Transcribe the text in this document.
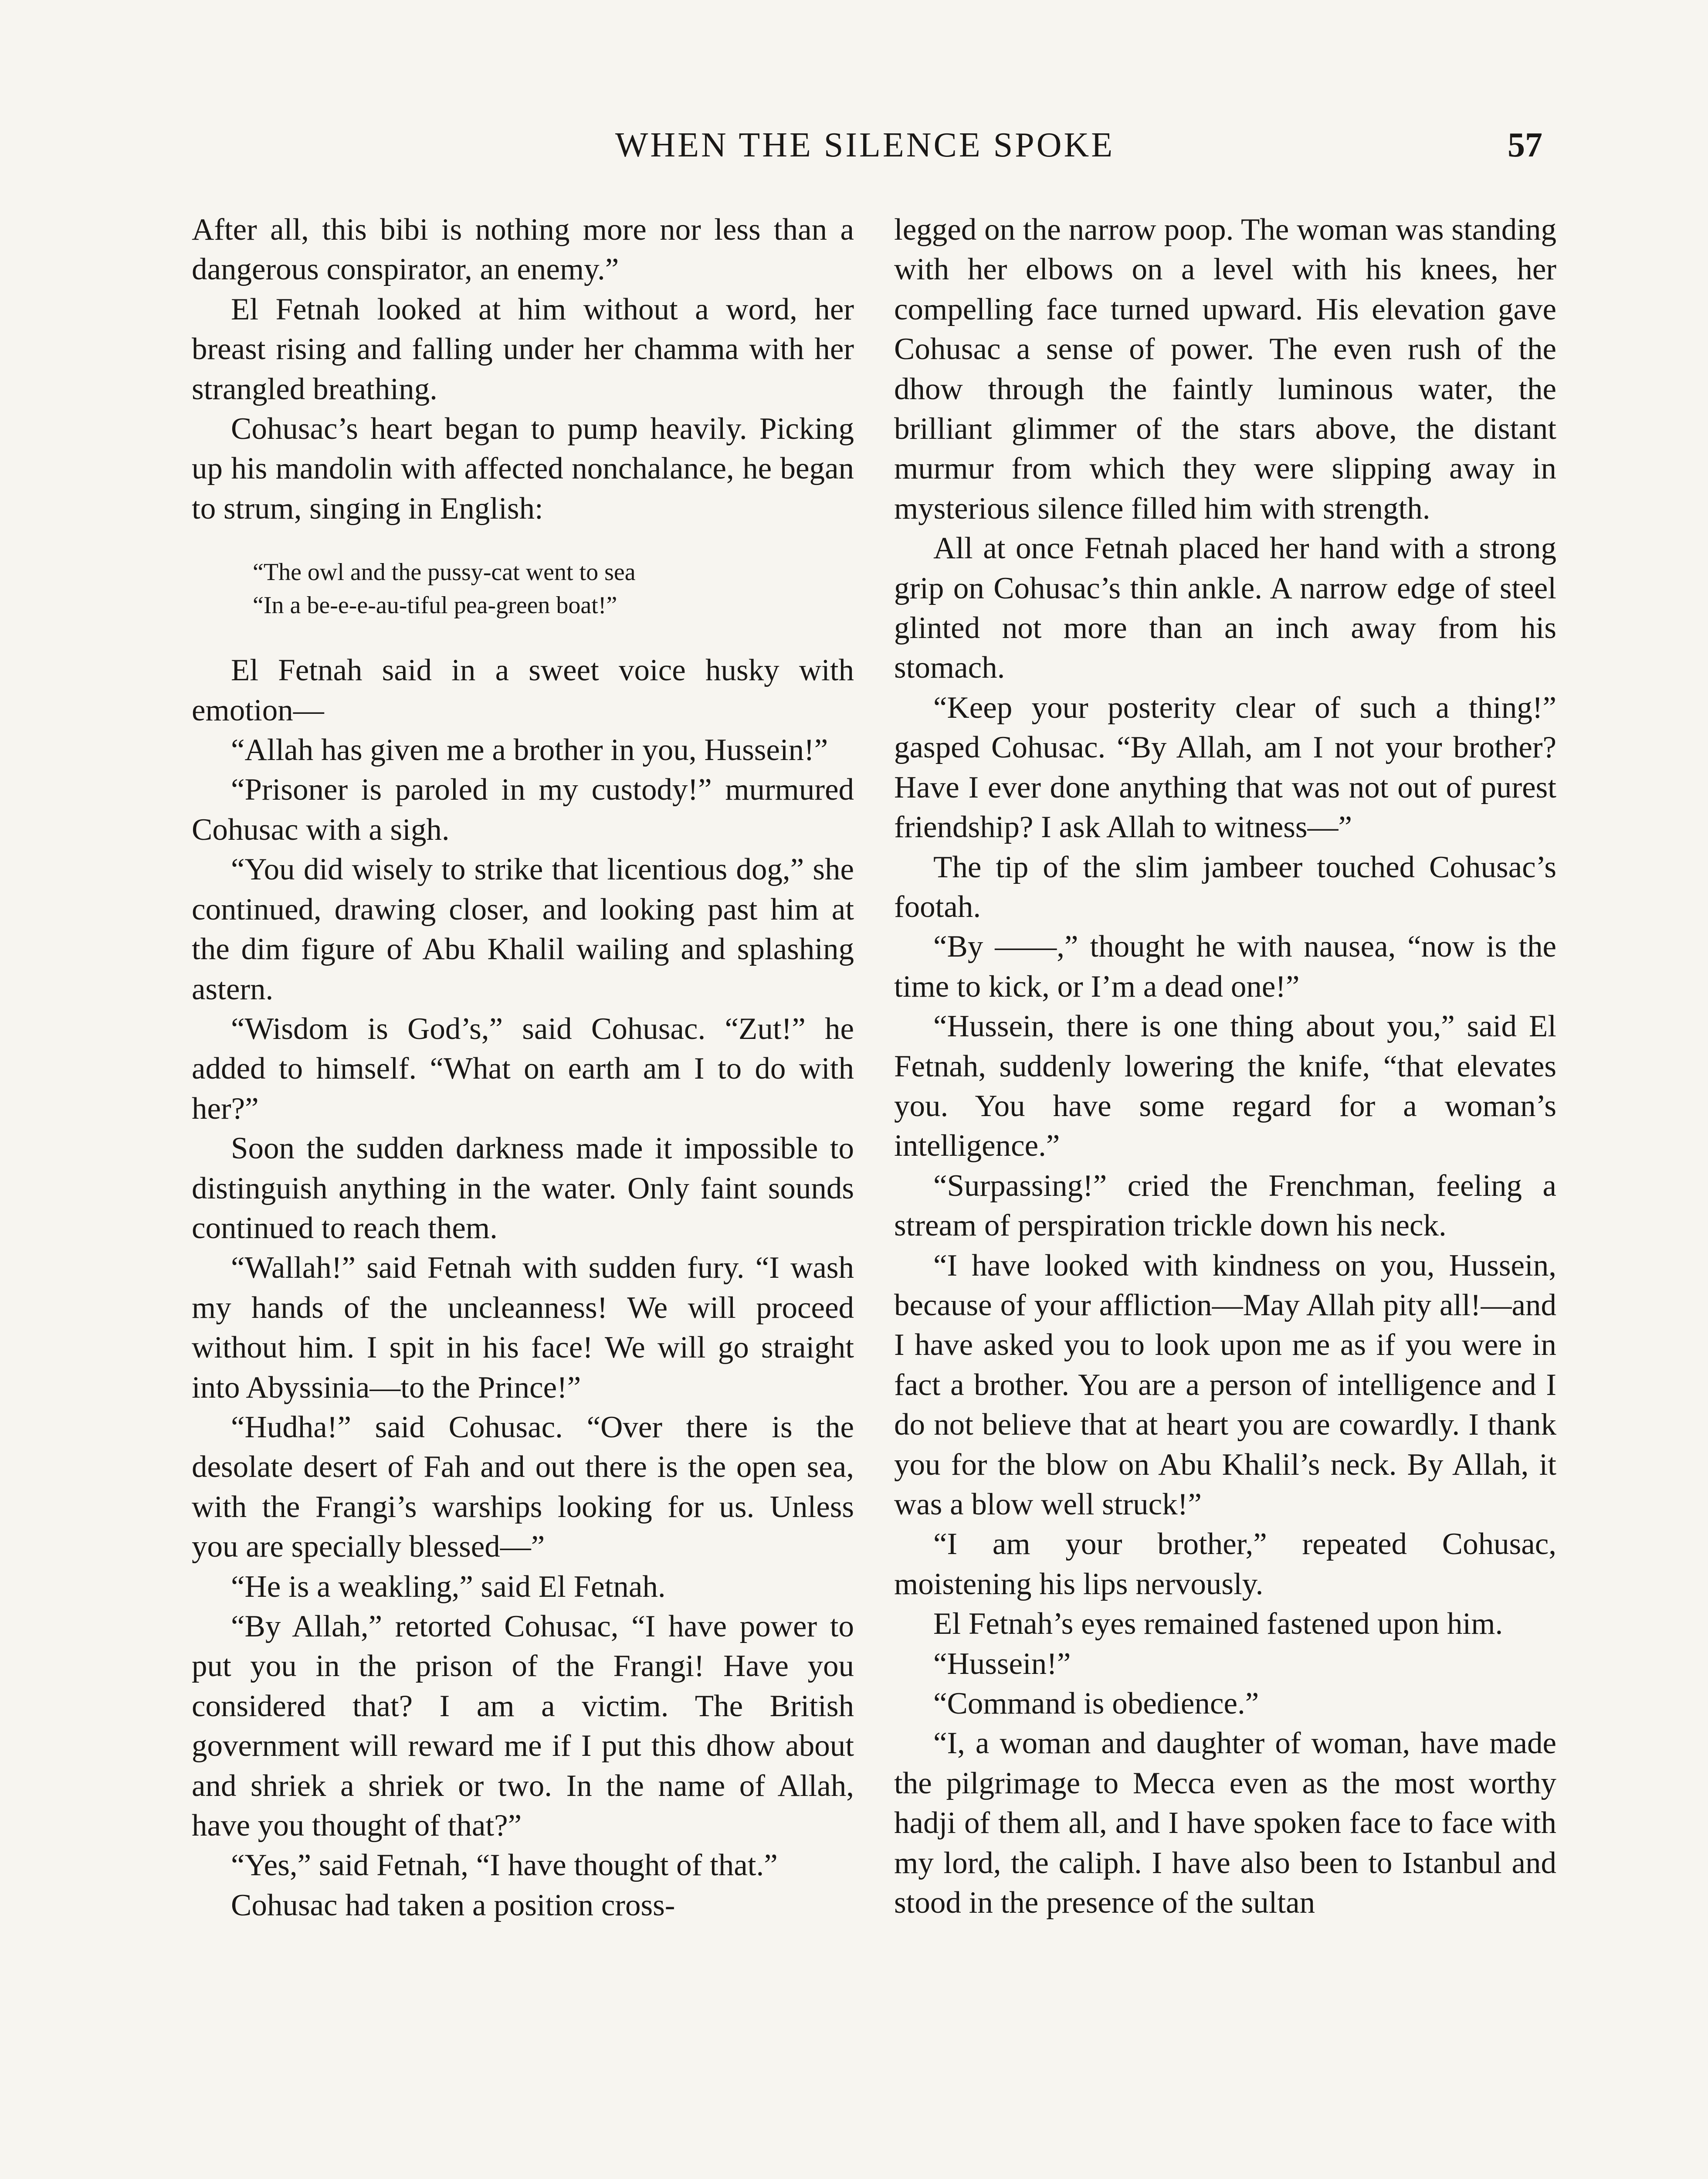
WHEN THE SILENCE SPOKE	57

After all, this bibi is nothing more nor less than a dangerous conspirator, an enemy.”

El Fetnah looked at him without a word, her breast rising and falling under her chamma with her strangled breathing.

Cohusac’s heart began to pump heavily. Picking up his mandolin with affected nonchalance, he began to strum, singing in English:

“The owl and the pussy-cat went to sea
“In a be-e-e-au-tiful pea-green boat!”

El Fetnah said in a sweet voice husky with emotion—

“Allah has given me a brother in you, Hussein!”

“Prisoner is paroled in my custody!” murmured Cohusac with a sigh.

“You did wisely to strike that licentious dog,” she continued, drawing closer, and looking past him at the dim figure of Abu Khalil wailing and splashing astern.

“Wisdom is God’s,” said Cohusac. “Zut!” he added to himself. “What on earth am I to do with her?”

Soon the sudden darkness made it impossible to distinguish anything in the water. Only faint sounds continued to reach them.

“Wallah!” said Fetnah with sudden fury. “I wash my hands of the uncleanness! We will proceed without him. I spit in his face! We will go straight into Abyssinia—to the Prince!”

“Hudha!” said Cohusac. “Over there is the desolate desert of Fah and out there is the open sea, with the Frangi’s warships looking for us. Unless you are specially blessed—”

“He is a weakling,” said El Fetnah.

“By Allah,” retorted Cohusac, “I have power to put you in the prison of the Frangi! Have you considered that? I am a victim. The British government will reward me if I put this dhow about and shriek a shriek or two. In the name of Allah, have you thought of that?”

“Yes,” said Fetnah, “I have thought of that.”

Cohusac had taken a position cross-

legged on the narrow poop. The woman was standing with her elbows on a level with his knees, her compelling face turned upward. His elevation gave Cohusac a sense of power. The even rush of the dhow through the faintly luminous water, the brilliant glimmer of the stars above, the distant murmur from which they were slipping away in mysterious silence filled him with strength.

All at once Fetnah placed her hand with a strong grip on Cohusac’s thin ankle. A narrow edge of steel glinted not more than an inch away from his stomach.

“Keep your posterity clear of such a thing!” gasped Cohusac. “By Allah, am I not your brother? Have I ever done anything that was not out of purest friendship? I ask Allah to witness—”

The tip of the slim jambeer touched Cohusac’s footah.

“By ——,” thought he with nausea, “now is the time to kick, or I’m a dead one!”

“Hussein, there is one thing about you,” said El Fetnah, suddenly lowering the knife, “that elevates you. You have some regard for a woman’s intelligence.”

“Surpassing!” cried the Frenchman, feeling a stream of perspiration trickle down his neck.

“I have looked with kindness on you, Hussein, because of your affliction—May Allah pity all!—and I have asked you to look upon me as if you were in fact a brother. You are a person of intelligence and I do not believe that at heart you are cowardly. I thank you for the blow on Abu Khalil’s neck. By Allah, it was a blow well struck!”

“I am your brother,” repeated Cohusac, moistening his lips nervously.

El Fetnah’s eyes remained fastened upon him.

“Hussein!”

“Command is obedience.”

“I, a woman and daughter of woman, have made the pilgrimage to Mecca even as the most worthy hadji of them all, and I have spoken face to face with my lord, the caliph. I have also been to Istanbul and stood in the presence of the sultan
